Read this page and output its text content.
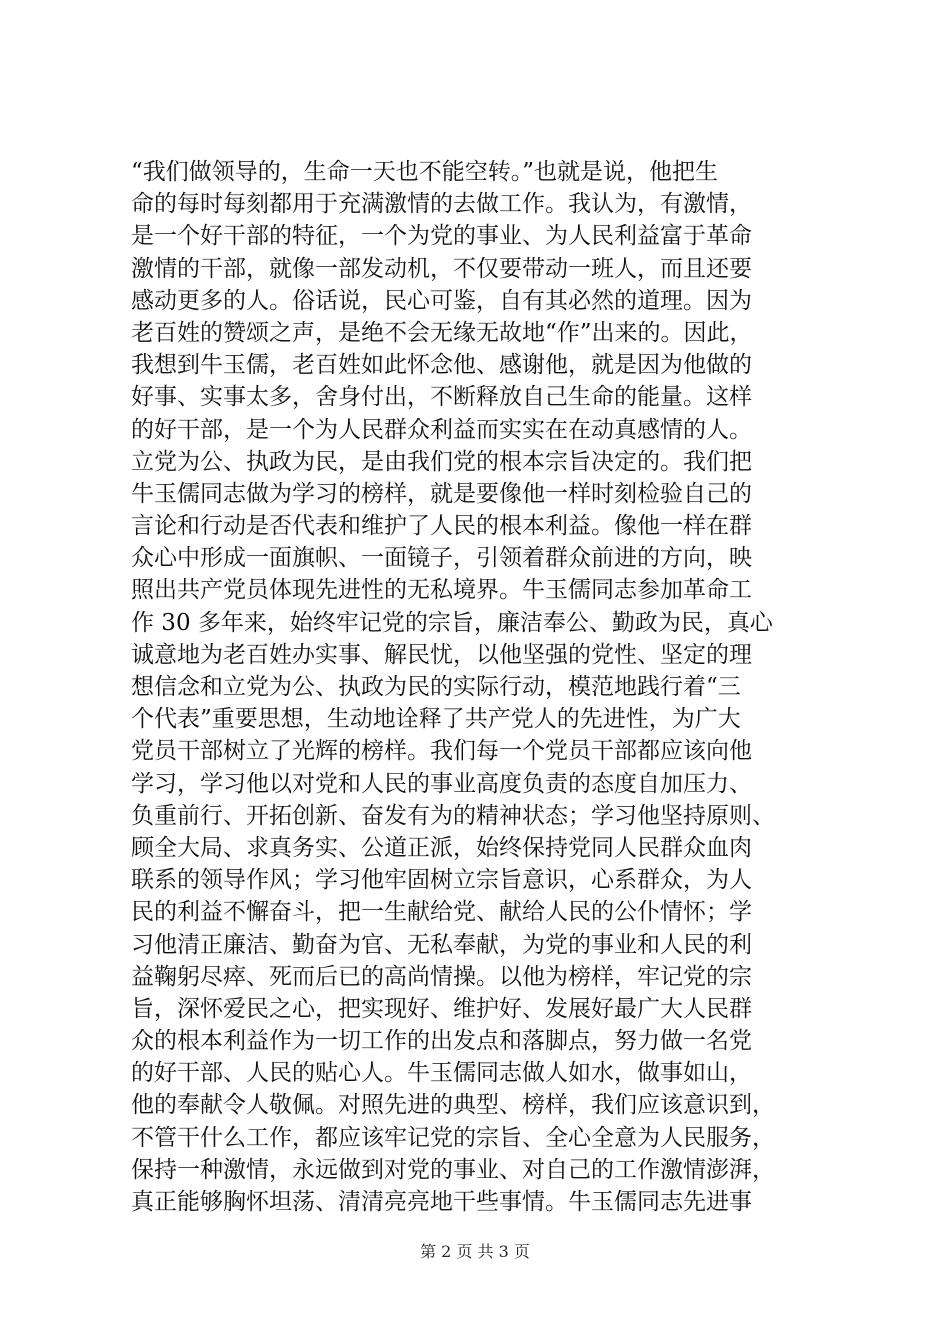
“我们做领导的，生命一天也不能空转。”也就是说，他把生
命的每时每刻都用于充满激情的去做工作。我认为，有激情，
是一个好干部的特征，一个为党的事业、为人民利益富于革命
激情的干部，就像一部发动机，不仅要带动一班人，而且还要
感动更多的人。俗话说，民心可鉴，自有其必然的道理。因为
老百姓的赞颂之声，是绝不会无缘无故地“作”出来的。因此，
我想到牛玉儒，老百姓如此怀念他、感谢他，就是因为他做的
好事、实事太多，舍身付出，不断释放自己生命的能量。这样
的好干部，是一个为人民群众利益而实实在在动真感情的人。
立党为公、执政为民，是由我们党的根本宗旨决定的。我们把
牛玉儒同志做为学习的榜样，就是要像他一样时刻检验自己的
言论和行动是否代表和维护了人民的根本利益。像他一样在群
众心中形成一面旗帜、一面镜子，引领着群众前进的方向，映
照出共产党员体现先进性的无私境界。牛玉儒同志参加革命工
作 30 多年来，始终牢记党的宗旨，廉洁奉公、勤政为民，真心
诚意地为老百姓办实事、解民忧，以他坚强的党性、坚定的理
想信念和立党为公、执政为民的实际行动，模范地践行着“三
个代表”重要思想，生动地诠释了共产党人的先进性，为广大
党员干部树立了光辉的榜样。我们每一个党员干部都应该向他
学习，学习他以对党和人民的事业高度负责的态度自加压力、
负重前行、开拓创新、奋发有为的精神状态；学习他坚持原则、
顾全大局、求真务实、公道正派，始终保持党同人民群众血肉
联系的领导作风；学习他牢固树立宗旨意识，心系群众，为人
民的利益不懈奋斗，把一生献给党、献给人民的公仆情怀；学
习他清正廉洁、勤奋为官、无私奉献，为党的事业和人民的利
益鞠躬尽瘁、死而后已的高尚情操。以他为榜样，牢记党的宗
旨，深怀爱民之心，把实现好、维护好、发展好最广大人民群
众的根本利益作为一切工作的出发点和落脚点，努力做一名党
的好干部、人民的贴心人。牛玉儒同志做人如水，做事如山，
他的奉献令人敬佩。对照先进的典型、榜样，我们应该意识到，
不管干什么工作，都应该牢记党的宗旨、全心全意为人民服务，
保持一种激情，永远做到对党的事业、对自己的工作激情澎湃，
真正能够胸怀坦荡、清清亮亮地干些事情。牛玉儒同志先进事
第 2 页 共 3 页
